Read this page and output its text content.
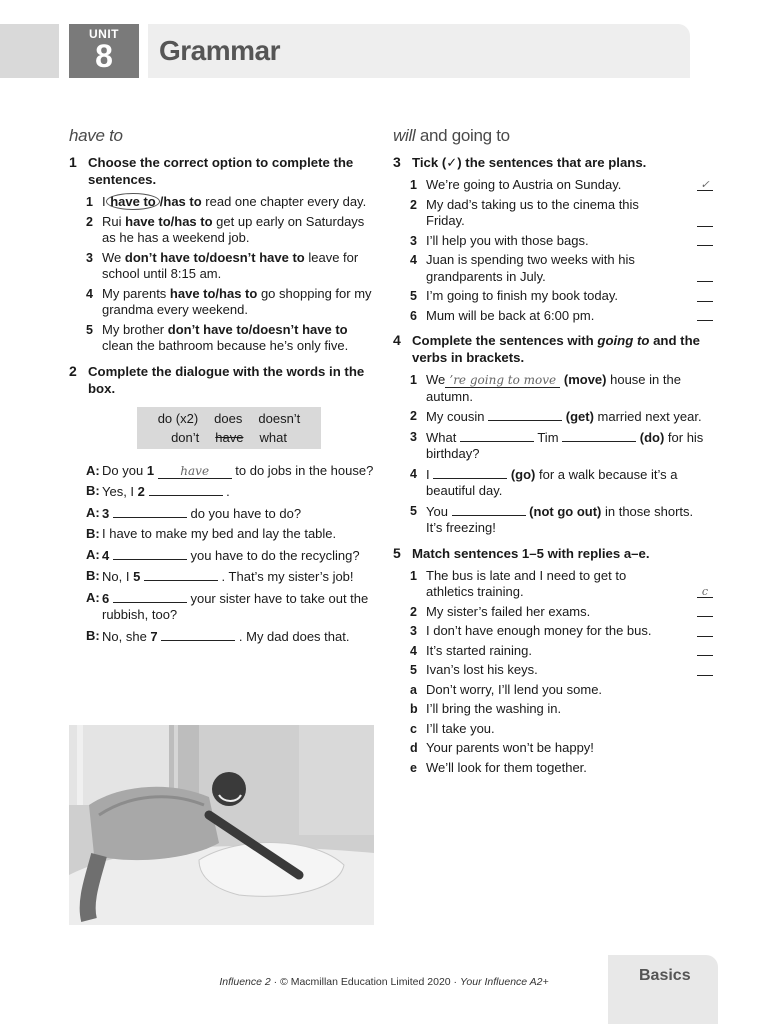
UNIT
8	Grammar
have to
1 Choose the correct option to complete the sentences.
1 I have to /has to read one chapter every day.
2 Rui have to/has to get up early on Saturdays as he has a weekend job.
3 We don’t have to/doesn’t have to leave for school until 8:15 am.
4 My parents have to/has to go shopping for my grandma every weekend.
5 My brother don’t have to/doesn’t have to clean the bathroom because he’s only five.
2 Complete the dialogue with the words in the box.
do (x2) does doesn’t
don’t have what
A: Do you 1 have to do jobs in the house?
B: Yes, I 2	.
A: 3	do you have to do?
B: I have to make my bed and lay the table.
A: 4	you have to do the recycling?
B: No, I 5	. That’s my sister’s job!
A: 6	your sister have to take out the rubbish, too?
B: No, she 7	. My dad does that.
will and going to
3 Tick (✓) the sentences that are plans.
1 We’re going to Austria on Sunday.	✓
2 My dad’s taking us to the cinema this Friday.
3 I’ll help you with those bags.
4 Juan is spending two weeks with his grandparents in July.
5 I’m going to finish my book today.
6 Mum will be back at 6:00 pm.
4 Complete the sentences with going to and the verbs in brackets.
1 We ’re going to move (move) house in the autumn.
2 My cousin	(get) married next year.
3 What	Tim	(do) for his birthday?
4 I	(go) for a walk because it’s a beautiful day.
5 You	(not go out) in those shorts. It’s freezing!
5 Match sentences 1–5 with replies a–e.
1 The bus is late and I need to get to athletics training.	c
2 My sister’s failed her exams.
3 I don’t have enough money for the bus.
4 It’s started raining.
5 Ivan’s lost his keys.
a Don’t worry, I’ll lend you some.
b I’ll bring the washing in.
c I’ll take you.
d Your parents won’t be happy!
e We’ll look for them together.
Influence 2 · © Macmillan Education Limited 2020 · Your Influence A2+	Basics
